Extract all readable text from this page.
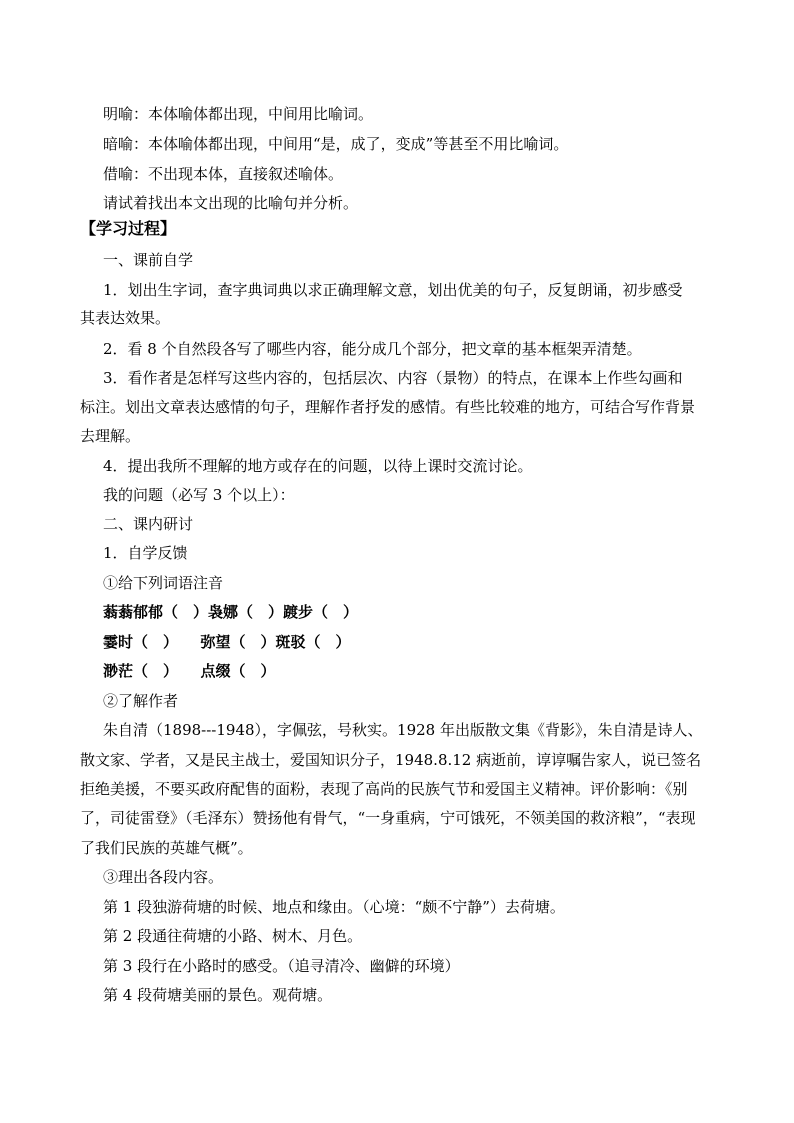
明喻：本体喻体都出现，中间用比喻词。
暗喻：本体喻体都出现，中间用“是，成了，变成”等甚至不用比喻词。
借喻：不出现本体，直接叙述喻体。
请试着找出本文出现的比喻句并分析。
【学习过程】
一、课前自学
1．划出生字词，查字典词典以求正确理解文意，划出优美的句子，反复朗诵，初步感受
其表达效果。
2．看 8 个自然段各写了哪些内容，能分成几个部分，把文章的基本框架弄清楚。
3．看作者是怎样写这些内容的，包括层次、内容（景物）的特点，在课本上作些勾画和
标注。划出文章表达感情的句子，理解作者抒发的感情。有些比较难的地方，可结合写作背景
去理解。
4．提出我所不理解的地方或存在的问题，以待上课时交流讨论。
我的问题（必写 3 个以上）：
二、课内研讨
1．自学反馈
①给下列词语注音
蓊蓊郁郁（　）袅娜（　）踱步（　）
霎时（　）　　弥望（　）斑驳（　）
渺茫（　）　　点缀（　）
②了解作者
朱自清（1898---1948），字佩弦，号秋实。1928 年出版散文集《背影》，朱自清是诗人、
散文家、学者，又是民主战士，爱国知识分子，1948.8.12 病逝前，谆谆嘱告家人，说已签名
拒绝美援，不要买政府配售的面粉，表现了高尚的民族气节和爱国主义精神。评价影响：《别
了，司徒雷登》（毛泽东）赞扬他有骨气，“一身重病，宁可饿死，不领美国的救济粮”，“表现
了我们民族的英雄气概”。
③理出各段内容。
第 1 段独游荷塘的时候、地点和缘由。（心境：“颇不宁静”）去荷塘。
第 2 段通往荷塘的小路、树木、月色。
第 3 段行在小路时的感受。（追寻清冷、幽僻的环境）
第 4 段荷塘美丽的景色。观荷塘。
